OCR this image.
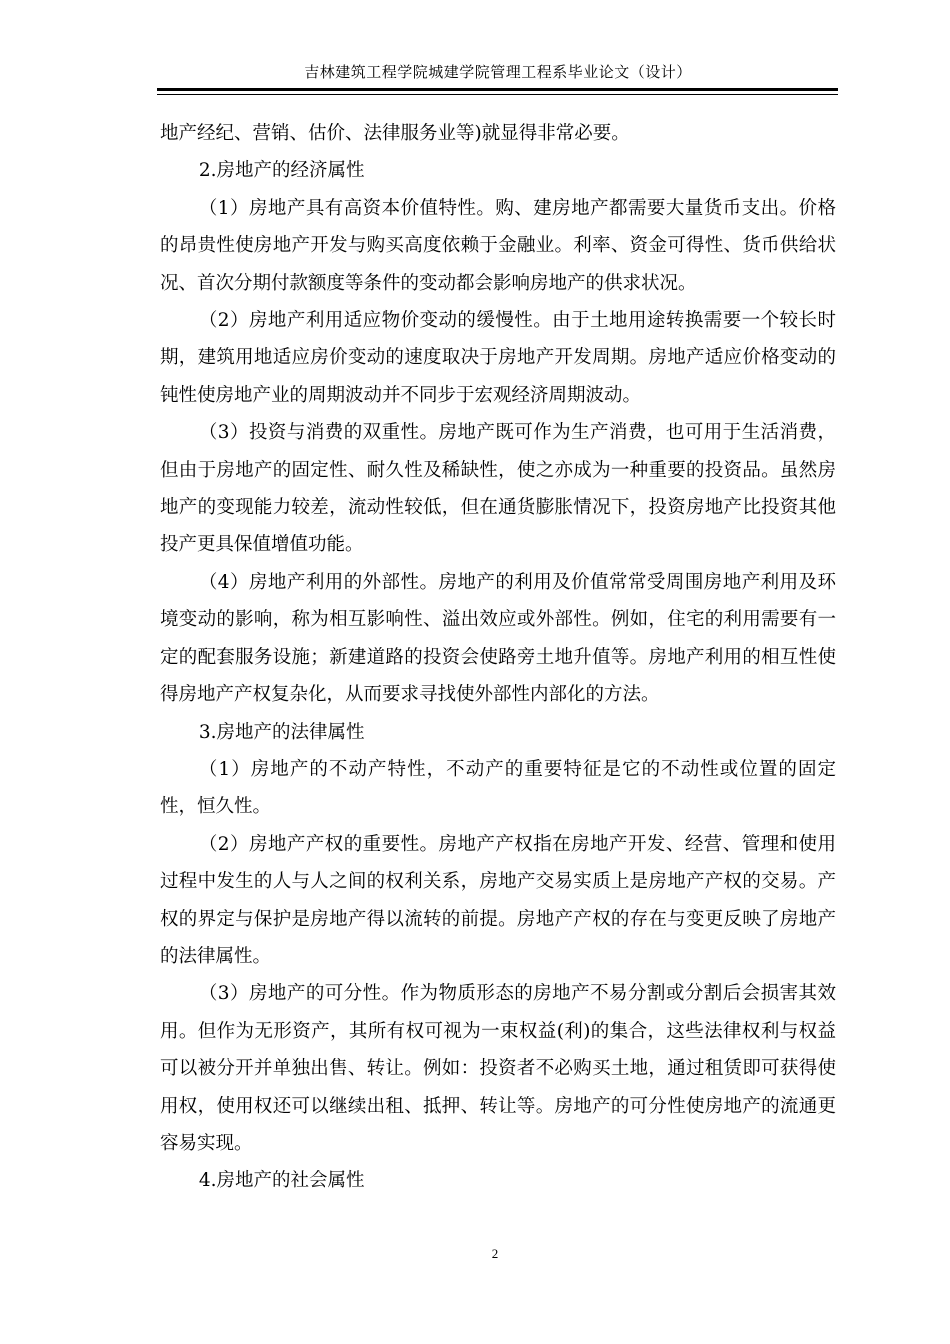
吉林建筑工程学院城建学院管理工程系毕业论文（设计）

地产经纪、营销、估价、法律服务业等)就显得非常必要。

2.房地产的经济属性

（1）房地产具有高资本价值特性。购、建房地产都需要大量货币支出。价格的昂贵性使房地产开发与购买高度依赖于金融业。利率、资金可得性、货币供给状况、首次分期付款额度等条件的变动都会影响房地产的供求状况。

（2）房地产利用适应物价变动的缓慢性。由于土地用途转换需要一个较长时期，建筑用地适应房价变动的速度取决于房地产开发周期。房地产适应价格变动的钝性使房地产业的周期波动并不同步于宏观经济周期波动。

（3）投资与消费的双重性。房地产既可作为生产消费，也可用于生活消费，但由于房地产的固定性、耐久性及稀缺性，使之亦成为一种重要的投资品。虽然房地产的变现能力较差，流动性较低，但在通货膨胀情况下，投资房地产比投资其他投产更具保值增值功能。

（4）房地产利用的外部性。房地产的利用及价值常常受周围房地产利用及环境变动的影响，称为相互影响性、溢出效应或外部性。例如，住宅的利用需要有一定的配套服务设施；新建道路的投资会使路旁土地升值等。房地产利用的相互性使得房地产产权复杂化，从而要求寻找使外部性内部化的方法。

3.房地产的法律属性

（1）房地产的不动产特性，不动产的重要特征是它的不动性或位置的固定性，恒久性。

（2）房地产产权的重要性。房地产产权指在房地产开发、经营、管理和使用过程中发生的人与人之间的权利关系，房地产交易实质上是房地产产权的交易。产权的界定与保护是房地产得以流转的前提。房地产产权的存在与变更反映了房地产的法律属性。

（3）房地产的可分性。作为物质形态的房地产不易分割或分割后会损害其效用。但作为无形资产，其所有权可视为一束权益(利)的集合，这些法律权利与权益可以被分开并单独出售、转让。例如：投资者不必购买土地，通过租赁即可获得使用权，使用权还可以继续出租、抵押、转让等。房地产的可分性使房地产的流通更容易实现。

4.房地产的社会属性

2
